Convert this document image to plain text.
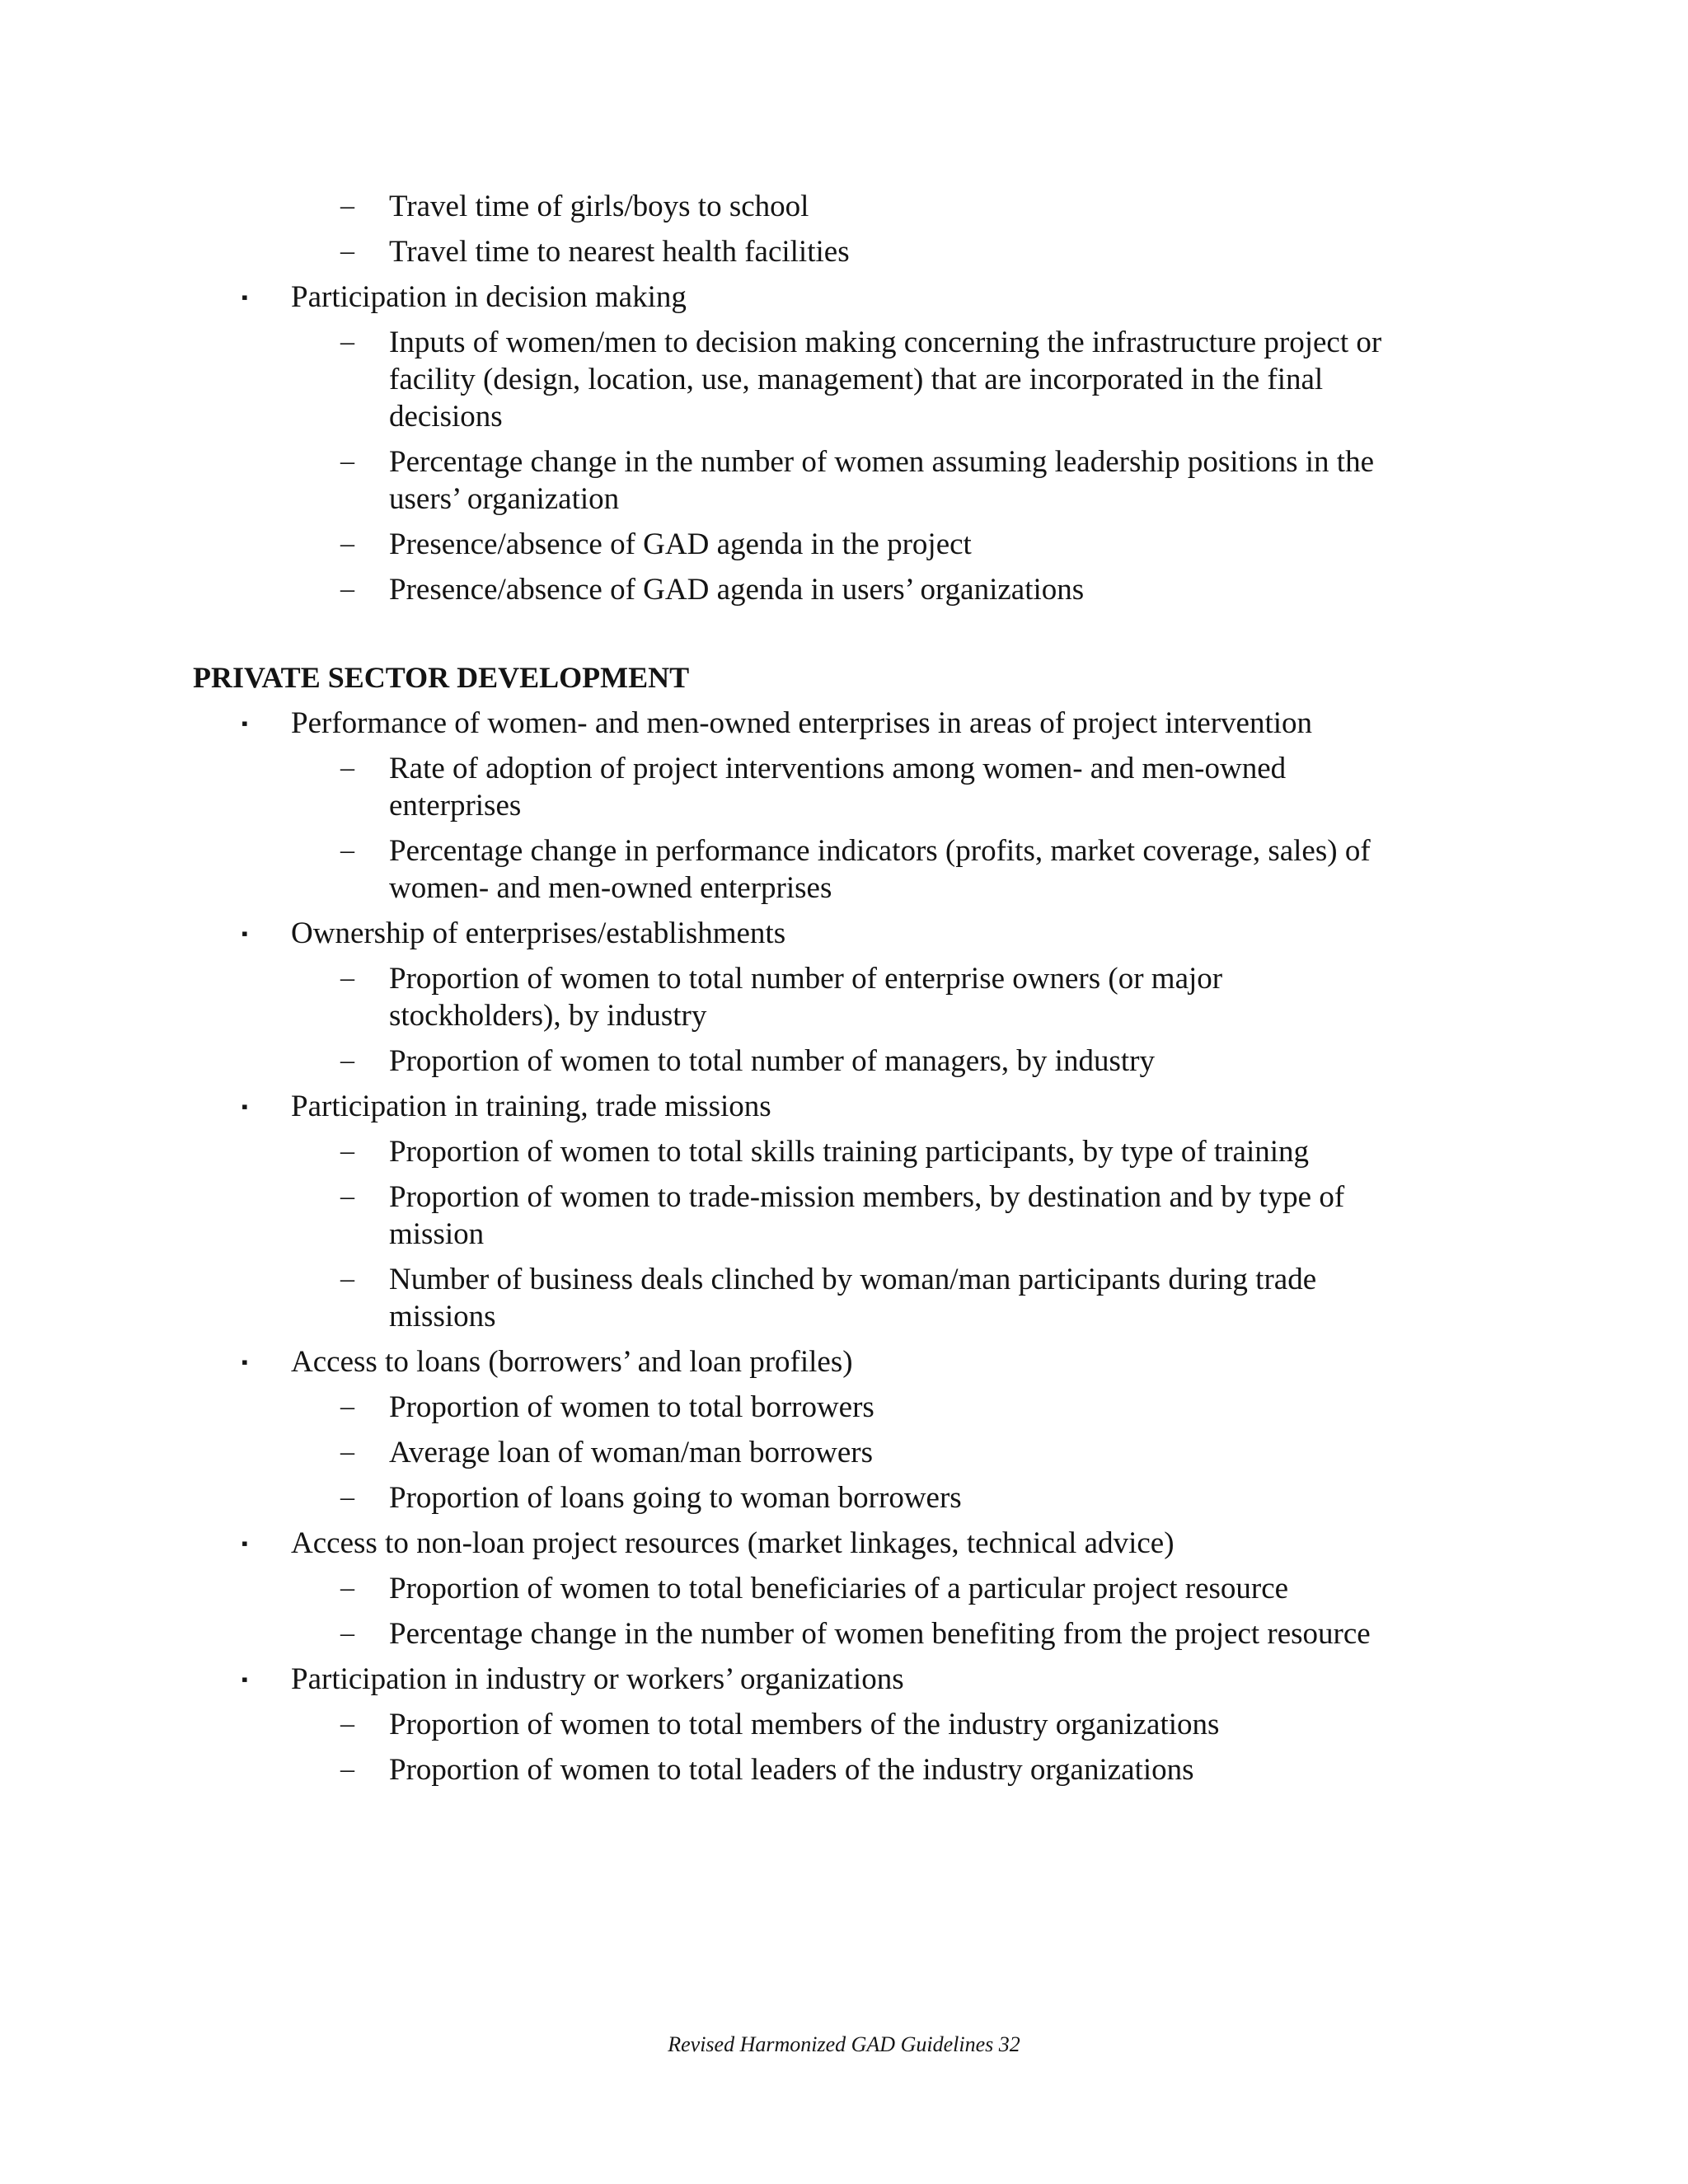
– Travel time of girls/boys to school
– Travel time to nearest health facilities
▪ Participation in decision making
– Inputs of women/men to decision making concerning the infrastructure project or
facility (design, location, use, management) that are incorporated in the final
decisions
– Percentage change in the number of women assuming leadership positions in the
users’ organization
– Presence/absence of GAD agenda in the project
– Presence/absence of GAD agenda in users’ organizations
PRIVATE SECTOR DEVELOPMENT
▪ Performance of women- and men-owned enterprises in areas of project intervention
– Rate of adoption of project interventions among women- and men-owned
enterprises
– Percentage change in performance indicators (profits, market coverage, sales) of
women- and men-owned enterprises
▪ Ownership of enterprises/establishments
– Proportion of women to total number of enterprise owners (or major
stockholders), by industry
– Proportion of women to total number of managers, by industry
▪ Participation in training, trade missions
– Proportion of women to total skills training participants, by type of training
– Proportion of women to trade-mission members, by destination and by type of
mission
– Number of business deals clinched by woman/man participants during trade
missions
▪ Access to loans (borrowers’ and loan profiles)
– Proportion of women to total borrowers
– Average loan of woman/man borrowers
– Proportion of loans going to woman borrowers
▪ Access to non-loan project resources (market linkages, technical advice)
– Proportion of women to total beneficiaries of a particular project resource
– Percentage change in the number of women benefiting from the project resource
▪ Participation in industry or workers’ organizations
– Proportion of women to total members of the industry organizations
– Proportion of women to total leaders of the industry organizations
Revised Harmonized GAD Guidelines 32
